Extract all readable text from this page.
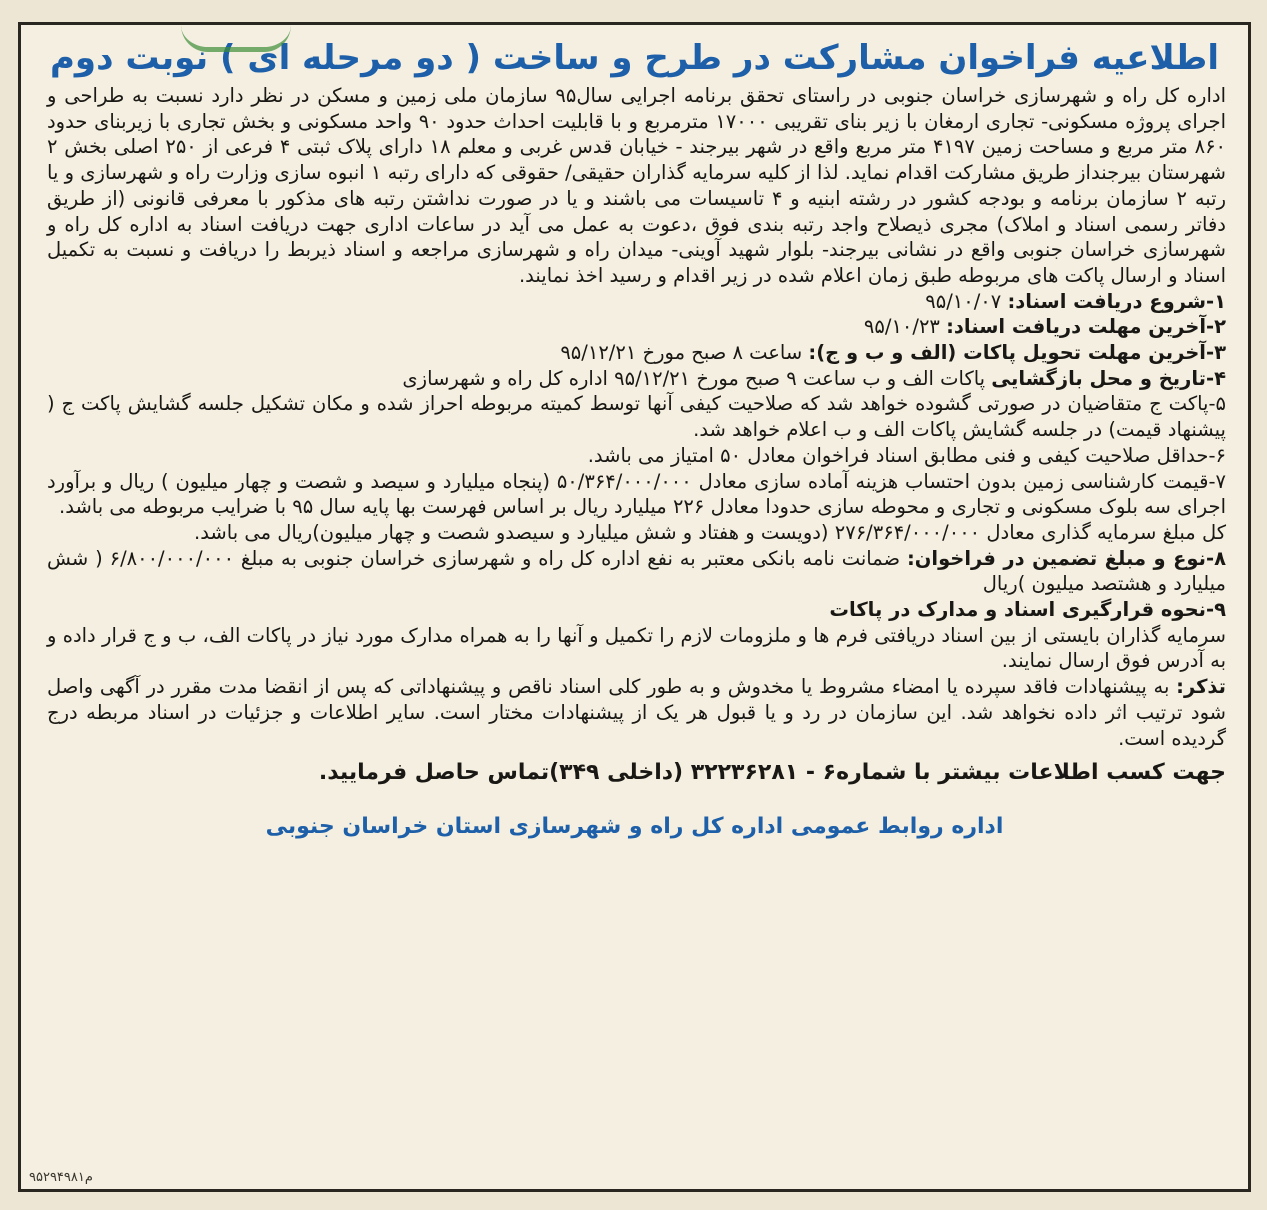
اطلاعیه فراخوان مشارکت در طرح و ساخت ( دو مرحله ای ) نوبت دوم

اداره کل راه و شهرسازی خراسان جنوبی در راستای تحقق برنامه اجرایی سال۹۵ سازمان ملی زمین و مسکن در نظر دارد نسبت به طراحی و اجرای پروژه مسکونی- تجاری ارمغان با زیر بنای تقریبی ۱۷۰۰۰ مترمربع و با قابلیت احداث حدود ۹۰ واحد مسکونی و بخش تجاری با زیربنای حدود ۸۶۰ متر مربع و مساحت زمین ۴۱۹۷ متر مربع واقع در شهر بیرجند - خیابان قدس غربی و معلم ۱۸ دارای پلاک ثبتی ۴ فرعی از ۲۵۰ اصلی بخش ۲ شهرستان بیرجنداز طریق مشارکت اقدام نماید. لذا از کلیه سرمایه گذاران حقیقی/ حقوقی که دارای رتبه ۱ انبوه سازی وزارت راه و شهرسازی و یا رتبه ۲ سازمان برنامه و بودجه کشور در رشته ابنیه و ۴ تاسیسات می باشند و یا در صورت نداشتن رتبه های مذکور با معرفی قانونی (از طریق دفاتر رسمی اسناد و املاک) مجری ذیصلاح واجد رتبه بندی فوق ،دعوت به عمل می آید در ساعات اداری جهت دریافت اسناد به اداره کل راه و شهرسازی خراسان جنوبی واقع در نشانی بیرجند- بلوار شهید آوینی- میدان راه و شهرسازی مراجعه و اسناد ذیربط را دریافت و نسبت به تکمیل اسناد و ارسال پاکت های مربوطه طبق زمان اعلام شده در زیر اقدام و رسید اخذ نمایند.

۱-شروع دریافت اسناد: ۹۵/۱۰/۰۷

۲-آخرین مهلت دریافت اسناد: ۹۵/۱۰/۲۳

۳-آخرین مهلت تحویل پاکات (الف و ب و ج): ساعت ۸ صبح مورخ ۹۵/۱۲/۲۱

۴-تاریخ و محل بازگشایی پاکات الف و ب ساعت ۹ صبح مورخ ۹۵/۱۲/۲۱ اداره کل راه و شهرسازی

۵-پاکت ج متقاضیان در صورتی گشوده خواهد شد که صلاحیت کیفی آنها توسط کمیته مربوطه احراز شده و مکان تشکیل جلسه گشایش پاکت ج ( پیشنهاد قیمت) در جلسه گشایش پاکات الف و ب اعلام خواهد شد.

۶-حداقل صلاحیت کیفی و فنی مطابق اسناد فراخوان معادل ۵۰ امتیاز می باشد.

۷-قیمت کارشناسی زمین بدون احتساب هزینه آماده سازی معادل ۵۰/۳۶۴/۰۰۰/۰۰۰ (پنجاه میلیارد و سیصد و شصت و چهار میلیون ) ریال و برآورد اجرای سه بلوک مسکونی و تجاری و محوطه سازی حدودا معادل ۲۲۶ میلیارد ریال بر اساس فهرست بها پایه سال ۹۵ با ضرایب مربوطه می باشد.

کل مبلغ سرمایه گذاری معادل ۲۷۶/۳۶۴/۰۰۰/۰۰۰ (دویست و هفتاد و شش میلیارد و سیصدو شصت و چهار میلیون)ریال می باشد.

۸-نوع و مبلغ تضمین در فراخوان: ضمانت نامه بانکی معتبر به نفع اداره کل راه و شهرسازی خراسان جنوبی به مبلغ ۶/۸۰۰/۰۰۰/۰۰۰ ( شش میلیارد و هشتصد میلیون )ریال

۹-نحوه قرارگیری اسناد و مدارک در پاکات

سرمایه گذاران بایستی از بین اسناد دریافتی فرم ها و ملزومات لازم را تکمیل و آنها را به همراه مدارک مورد نیاز در پاکات الف، ب و ج قرار داده و به آدرس فوق ارسال نمایند.

تذکر: به پیشنهادات فاقد سپرده یا امضاء مشروط یا مخدوش و به طور کلی اسناد ناقص و پیشنهاداتی که پس از انقضا مدت مقرر در آگهی واصل شود ترتیب اثر داده نخواهد شد. این سازمان در رد و یا قبول هر یک از پیشنهادات مختار است. سایر اطلاعات و جزئیات در اسناد مربطه درج گردیده است.

جهت کسب اطلاعات بیشتر با شماره۶ - ۳۲۲۳۶۲۸۱ (داخلی ۳۴۹)تماس حاصل فرمایید.
اداره روابط عمومی اداره کل راه و شهرسازی استان خراسان جنوبی
م۹۵۲۹۴۹۸۱
